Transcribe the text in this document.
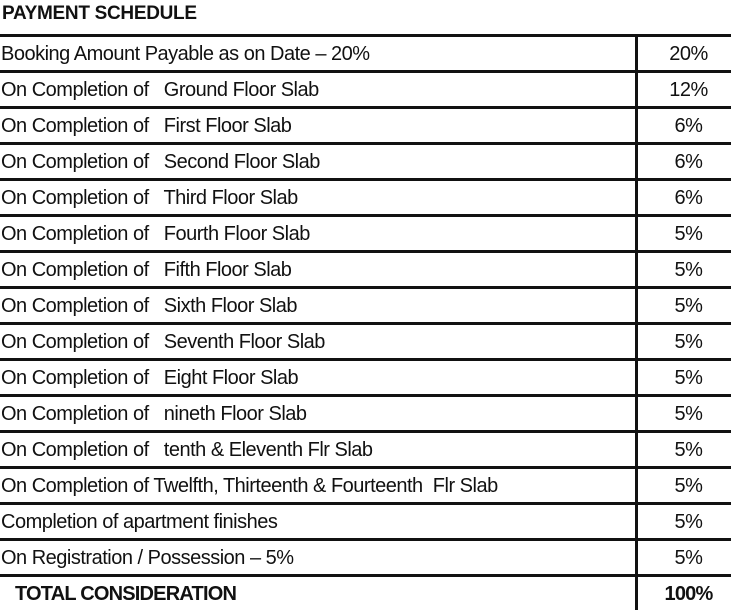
PAYMENT SCHEDULE
Booking Amount Payable as on Date – 20%	20%
On Completion of   Ground Floor Slab	12%
On Completion of   First Floor Slab	6%
On Completion of   Second Floor Slab	6%
On Completion of   Third Floor Slab	6%
On Completion of   Fourth Floor Slab	5%
On Completion of   Fifth Floor Slab	5%
On Completion of   Sixth Floor Slab	5%
On Completion of   Seventh Floor Slab	5%
On Completion of   Eight Floor Slab	5%
On Completion of   nineth Floor Slab	5%
On Completion of   tenth & Eleventh Flr Slab	5%
On Completion of Twelfth, Thirteenth & Fourteenth  Flr Slab	5%
Completion of apartment finishes	5%
On Registration / Possession – 5%	5%
TOTAL CONSIDERATION	100%
